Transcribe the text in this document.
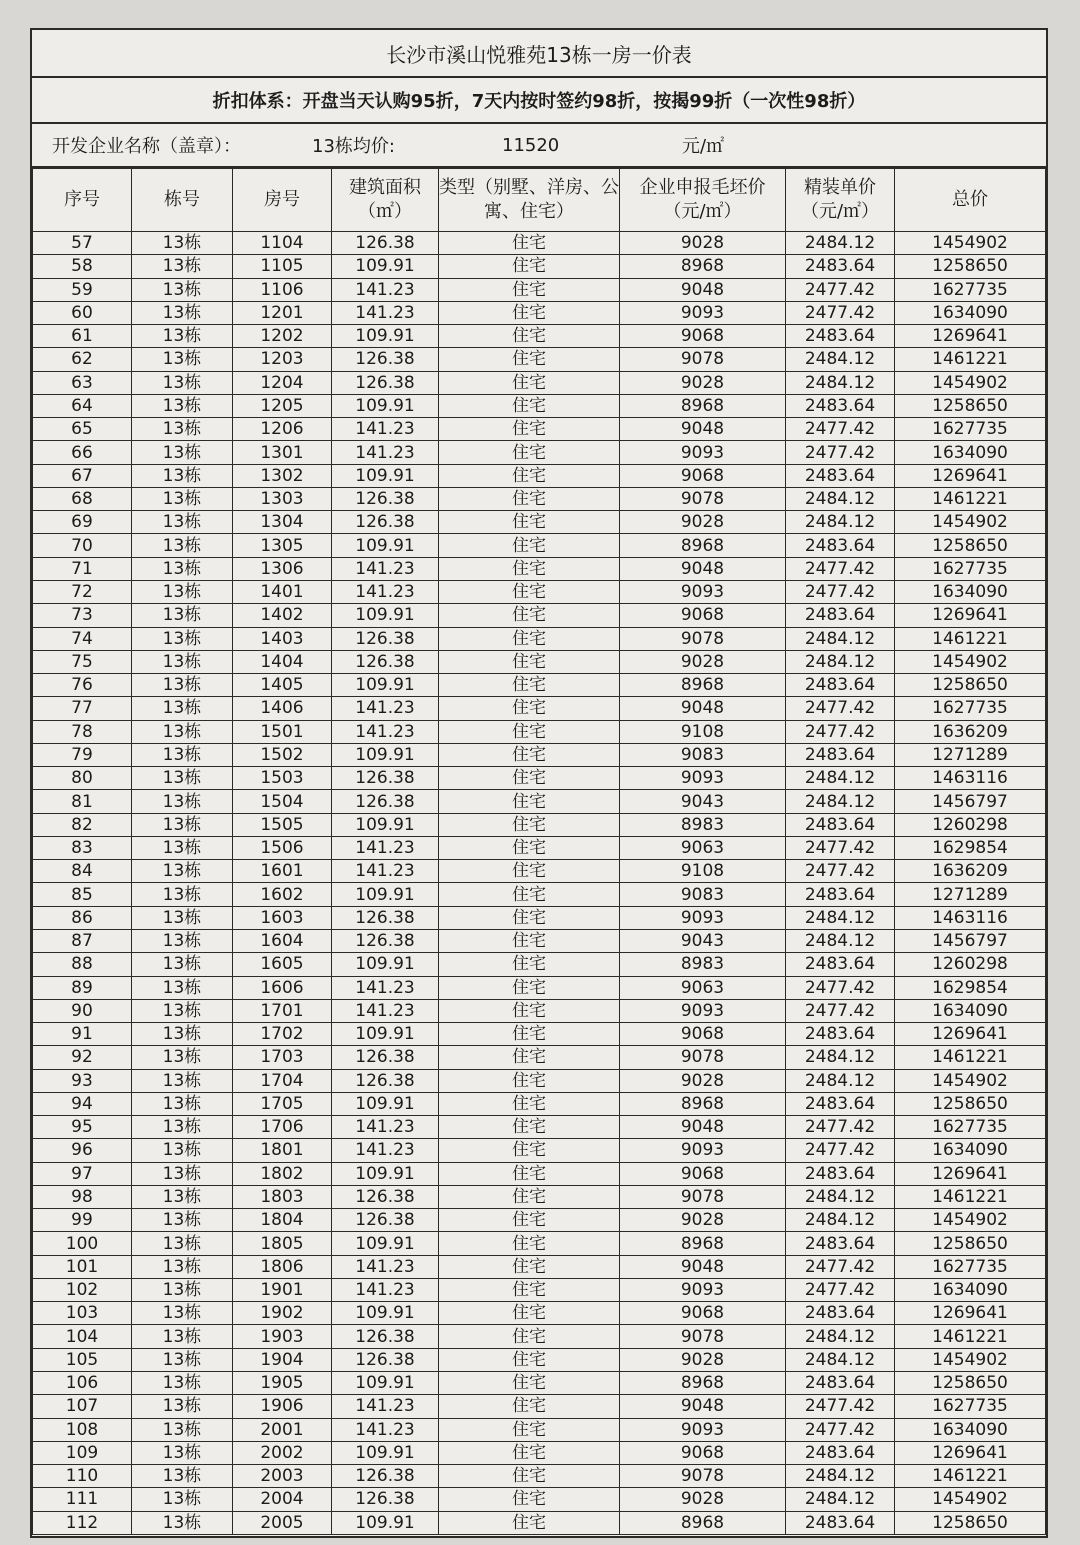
长沙市溪山悦雅苑13栋一房一价表
折扣体系：开盘当天认购95折，7天内按时签约98折，按揭99折（一次性98折）
开发企业名称（盖章）：	13栋均价:	11520	元/㎡
序号	栋号	房号	建筑面积（㎡）	类型（别墅、洋房、公寓、住宅）	企业申报毛坯价（元/㎡）	精装单价（元/㎡）	总价
57	13栋	1104	126.38	住宅	9028	2484.12	1454902
58	13栋	1105	109.91	住宅	8968	2483.64	1258650
59	13栋	1106	141.23	住宅	9048	2477.42	1627735
60	13栋	1201	141.23	住宅	9093	2477.42	1634090
61	13栋	1202	109.91	住宅	9068	2483.64	1269641
62	13栋	1203	126.38	住宅	9078	2484.12	1461221
63	13栋	1204	126.38	住宅	9028	2484.12	1454902
64	13栋	1205	109.91	住宅	8968	2483.64	1258650
65	13栋	1206	141.23	住宅	9048	2477.42	1627735
66	13栋	1301	141.23	住宅	9093	2477.42	1634090
67	13栋	1302	109.91	住宅	9068	2483.64	1269641
68	13栋	1303	126.38	住宅	9078	2484.12	1461221
69	13栋	1304	126.38	住宅	9028	2484.12	1454902
70	13栋	1305	109.91	住宅	8968	2483.64	1258650
71	13栋	1306	141.23	住宅	9048	2477.42	1627735
72	13栋	1401	141.23	住宅	9093	2477.42	1634090
73	13栋	1402	109.91	住宅	9068	2483.64	1269641
74	13栋	1403	126.38	住宅	9078	2484.12	1461221
75	13栋	1404	126.38	住宅	9028	2484.12	1454902
76	13栋	1405	109.91	住宅	8968	2483.64	1258650
77	13栋	1406	141.23	住宅	9048	2477.42	1627735
78	13栋	1501	141.23	住宅	9108	2477.42	1636209
79	13栋	1502	109.91	住宅	9083	2483.64	1271289
80	13栋	1503	126.38	住宅	9093	2484.12	1463116
81	13栋	1504	126.38	住宅	9043	2484.12	1456797
82	13栋	1505	109.91	住宅	8983	2483.64	1260298
83	13栋	1506	141.23	住宅	9063	2477.42	1629854
84	13栋	1601	141.23	住宅	9108	2477.42	1636209
85	13栋	1602	109.91	住宅	9083	2483.64	1271289
86	13栋	1603	126.38	住宅	9093	2484.12	1463116
87	13栋	1604	126.38	住宅	9043	2484.12	1456797
88	13栋	1605	109.91	住宅	8983	2483.64	1260298
89	13栋	1606	141.23	住宅	9063	2477.42	1629854
90	13栋	1701	141.23	住宅	9093	2477.42	1634090
91	13栋	1702	109.91	住宅	9068	2483.64	1269641
92	13栋	1703	126.38	住宅	9078	2484.12	1461221
93	13栋	1704	126.38	住宅	9028	2484.12	1454902
94	13栋	1705	109.91	住宅	8968	2483.64	1258650
95	13栋	1706	141.23	住宅	9048	2477.42	1627735
96	13栋	1801	141.23	住宅	9093	2477.42	1634090
97	13栋	1802	109.91	住宅	9068	2483.64	1269641
98	13栋	1803	126.38	住宅	9078	2484.12	1461221
99	13栋	1804	126.38	住宅	9028	2484.12	1454902
100	13栋	1805	109.91	住宅	8968	2483.64	1258650
101	13栋	1806	141.23	住宅	9048	2477.42	1627735
102	13栋	1901	141.23	住宅	9093	2477.42	1634090
103	13栋	1902	109.91	住宅	9068	2483.64	1269641
104	13栋	1903	126.38	住宅	9078	2484.12	1461221
105	13栋	1904	126.38	住宅	9028	2484.12	1454902
106	13栋	1905	109.91	住宅	8968	2483.64	1258650
107	13栋	1906	141.23	住宅	9048	2477.42	1627735
108	13栋	2001	141.23	住宅	9093	2477.42	1634090
109	13栋	2002	109.91	住宅	9068	2483.64	1269641
110	13栋	2003	126.38	住宅	9078	2484.12	1461221
111	13栋	2004	126.38	住宅	9028	2484.12	1454902
112	13栋	2005	109.91	住宅	8968	2483.64	1258650
